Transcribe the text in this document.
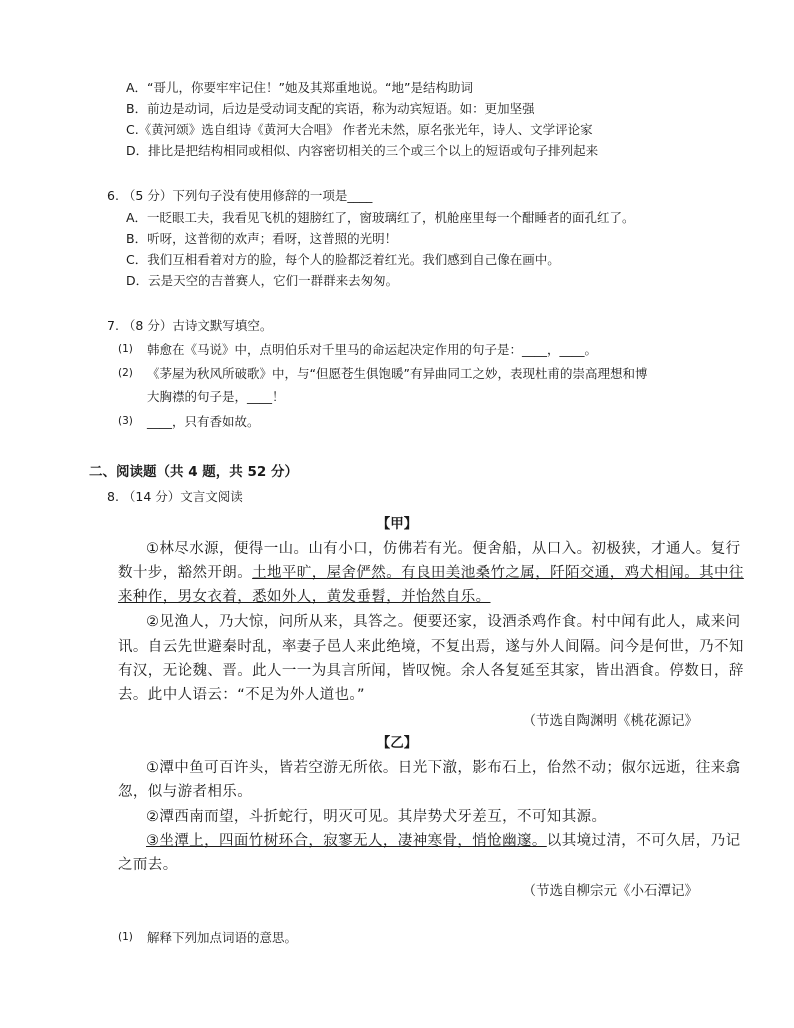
A．“哥儿，你要牢牢记住！”她及其郑重地说。“地”是结构助词
B．前边是动词，后边是受动词支配的宾语，称为动宾短语。如：更加坚强
C.《黄河颂》选自组诗《黄河大合唱》 作者光未然，原名张光年，诗人、文学评论家
D．排比是把结构相同或相似、内容密切相关的三个或三个以上的短语或句子排列起来
6. （5 分）下列句子没有使用修辞的一项是____
A．一眨眼工夫，我看见飞机的翅膀红了，窗玻璃红了，机舱座里每一个酣睡者的面孔红了。
B．听呀，这普彻的欢声；看呀，这普照的光明！
C．我们互相看着对方的脸，每个人的脸都泛着红光。我们感到自己像在画中。
D．云是天空的吉普赛人，它们一群群来去匆匆。
7. （8 分）古诗文默写填空。
(1) 韩愈在《马说》中，点明伯乐对千里马的命运起决定作用的句子是：____，____。
(2) 《茅屋为秋风所破歌》中，与“但愿苍生俱饱暖”有异曲同工之妙，表现杜甫的崇高理想和博
大胸襟的句子是，____！
(3) ____，只有香如故。
二、阅读题（共 4 题，共 52 分）
8. （14 分）文言文阅读
【甲】
①林尽水源，便得一山。山有小口，仿佛若有光。便舍船，从口入。初极狭，才通人。复行
数十步，豁然开朗。土地平旷，屋舍俨然。有良田美池桑竹之属，阡陌交通，鸡犬相闻。其中往
来种作，男女衣着，悉如外人，黄发垂髫，并怡然自乐。
②见渔人，乃大惊，问所从来，具答之。便要还家，设酒杀鸡作食。村中闻有此人，咸来问
讯。自云先世避秦时乱，率妻子邑人来此绝境，不复出焉，遂与外人间隔。问今是何世，乃不知
有汉，无论魏、晋。此人一一为具言所闻，皆叹惋。余人各复延至其家，皆出酒食。停数日，辞
去。此中人语云：“不足为外人道也。”
（节选自陶渊明《桃花源记》
【乙】
①潭中鱼可百许头，皆若空游无所依。日光下澈，影布石上，佁然不动；俶尔远逝，往来翕
忽，似与游者相乐。
②潭西南而望，斗折蛇行，明灭可见。其岸势犬牙差互，不可知其源。
③坐潭上，四面竹树环合，寂寥无人，凄神寒骨，悄怆幽邃。以其境过清，不可久居，乃记
之而去。
（节选自柳宗元《小石潭记》
(1) 解释下列加点词语的意思。
